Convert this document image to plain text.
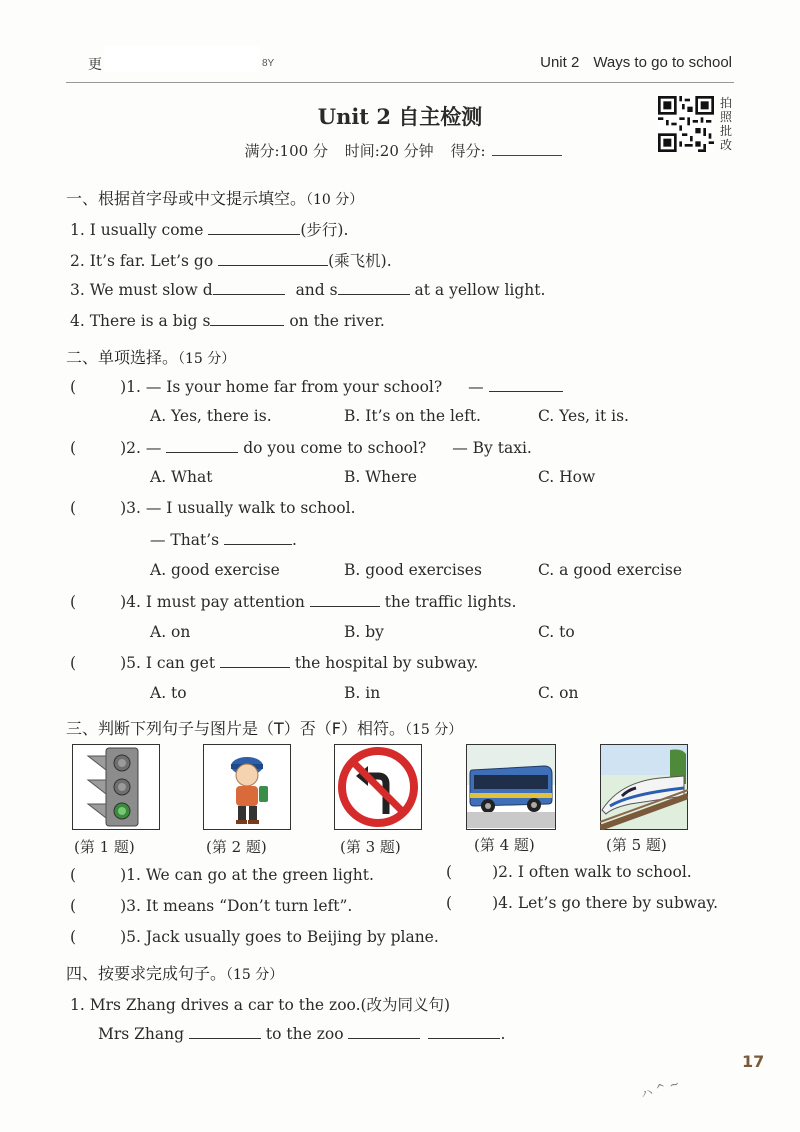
更	8Y	Unit 2 Ways to go to school
Unit 2 自主检测
满分:100 分 时间:20 分钟 得分:
拍照批改
一、根据首字母或中文提示填空。（10 分）
1. I usually come	(步行).
2. It’s far. Let’s go	(乘飞机).
3. We must slow d	and s	at a yellow light.
4. There is a big s	on the river.
二、单项选择。（15 分）
(	)1. — Is your home far from your school? —
A. Yes, there is.	B. It’s on the left.	C. Yes, it is.
(	)2. —	do you come to school? — By taxi.
A. What	B. Where	C. How
(	)3. — I usually walk to school.
— That’s	.
A. good exercise	B. good exercises	C. a good exercise
(	)4. I must pay attention	the traffic lights.
A. on	B. by	C. to
(	)5. I can get	the hospital by subway.
A. to	B. in	C. on
三、判断下列句子与图片是（T）否（F）相符。（15 分）
(第 1 题)	(第 2 题)	(第 3 题)	(第 4 题)	(第 5 题)
(	)1. We can go at the green light.	(	)2. I often walk to school.
(	)3. It means “Don’t turn left”.	(	)4. Let’s go there by subway.
(	)5. Jack usually goes to Beijing by plane.
四、按要求完成句子。（15 分）
1. Mrs Zhang drives a car to the zoo.(改为同义句)
Mrs Zhang	to the zoo	.
17
ハ ^ ~
